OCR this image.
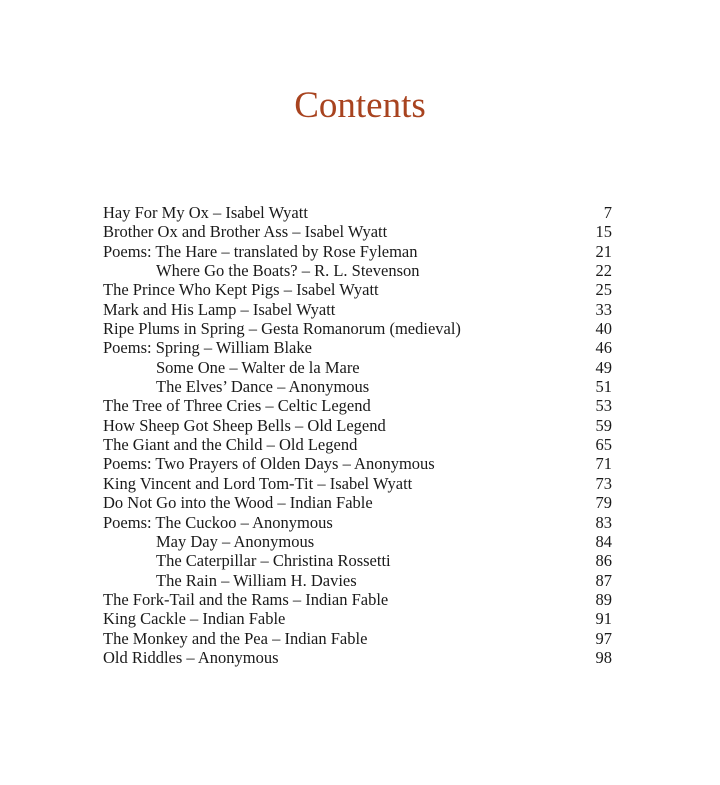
Contents
Hay For My Ox – Isabel Wyatt	7
Brother Ox and Brother Ass – Isabel Wyatt	15
Poems: The Hare – translated by Rose Fyleman	21
Where Go the Boats? – R. L. Stevenson	22
The Prince Who Kept Pigs – Isabel Wyatt	25
Mark and His Lamp – Isabel Wyatt	33
Ripe Plums in Spring – Gesta Romanorum (medieval)	40
Poems: Spring – William Blake	46
Some One – Walter de la Mare	49
The Elves’ Dance – Anonymous	51
The Tree of Three Cries – Celtic Legend	53
How Sheep Got Sheep Bells – Old Legend	59
The Giant and the Child – Old Legend	65
Poems: Two Prayers of Olden Days – Anonymous	71
King Vincent and Lord Tom-Tit – Isabel Wyatt	73
Do Not Go into the Wood – Indian Fable	79
Poems: The Cuckoo – Anonymous	83
May Day – Anonymous	84
The Caterpillar – Christina Rossetti	86
The Rain – William H. Davies	87
The Fork-Tail and the Rams – Indian Fable	89
King Cackle – Indian Fable	91
The Monkey and the Pea – Indian Fable	97
Old Riddles – Anonymous	98
